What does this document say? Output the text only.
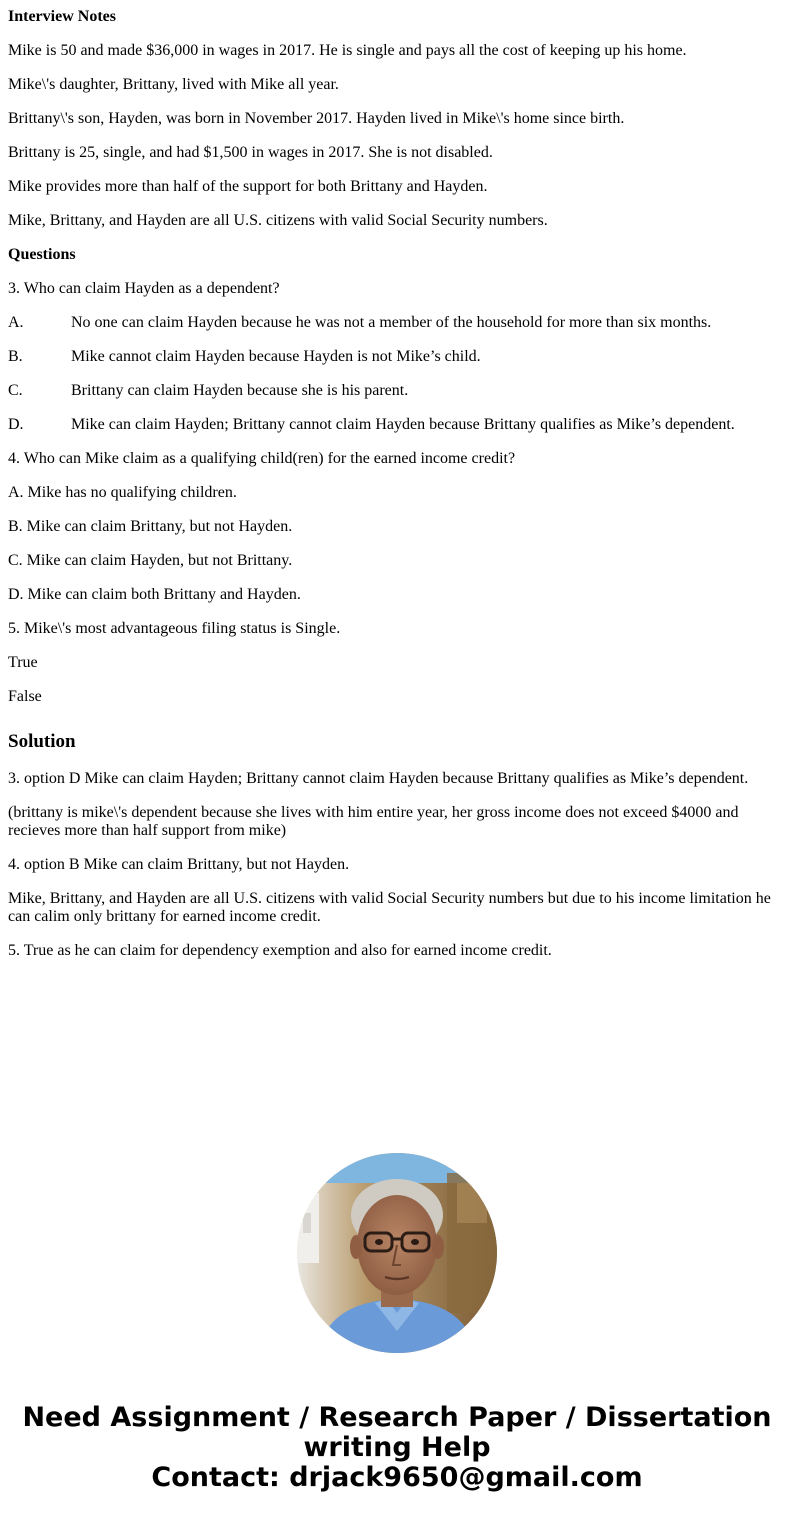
Interview Notes

Mike is 50 and made $36,000 in wages in 2017. He is single and pays all the cost of keeping up his home.

Mike\'s daughter, Brittany, lived with Mike all year.

Brittany\'s son, Hayden, was born in November 2017. Hayden lived in Mike\'s home since birth.

Brittany is 25, single, and had $1,500 in wages in 2017. She is not disabled.

Mike provides more than half of the support for both Brittany and Hayden.

Mike, Brittany, and Hayden are all U.S. citizens with valid Social Security numbers.

Questions

3. Who can claim Hayden as a dependent?

A.	No one can claim Hayden because he was not a member of the household for more than six months.

B.	Mike cannot claim Hayden because Hayden is not Mike’s child.

C.	Brittany can claim Hayden because she is his parent.

D.	Mike can claim Hayden; Brittany cannot claim Hayden because Brittany qualifies as Mike’s dependent.

4. Who can Mike claim as a qualifying child(ren) for the earned income credit?

A. Mike has no qualifying children.

B. Mike can claim Brittany, but not Hayden.

C. Mike can claim Hayden, but not Brittany.

D. Mike can claim both Brittany and Hayden.

5. Mike\'s most advantageous filing status is Single.

True

False

Solution

3. option D Mike can claim Hayden; Brittany cannot claim Hayden because Brittany qualifies as Mike’s dependent.

(brittany is mike\'s dependent because she lives with him entire year, her gross income does not exceed $4000 and recieves more than half support from mike)

4. option B Mike can claim Brittany, but not Hayden.

Mike, Brittany, and Hayden are all U.S. citizens with valid Social Security numbers but due to his income limitation he can calim only brittany for earned income credit.

5. True as he can claim for dependency exemption and also for earned income credit.

Need Assignment / Research Paper / Dissertation
writing Help
Contact: drjack9650@gmail.com
